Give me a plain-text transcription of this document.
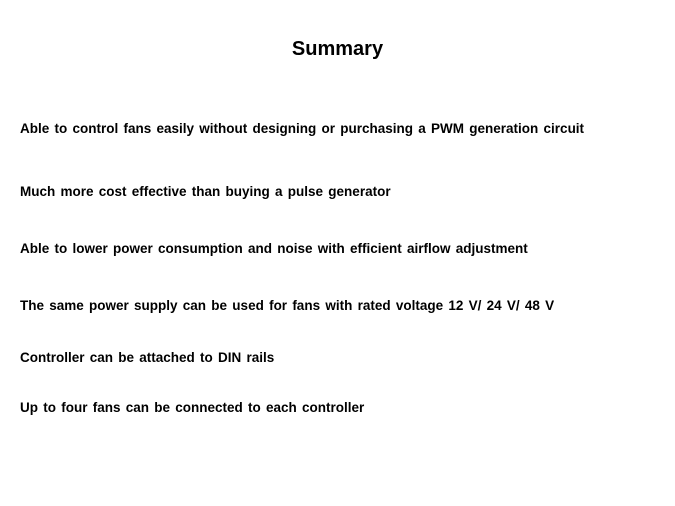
Summary
Able to control fans easily without designing or purchasing a PWM generation circuit
Much more cost effective than buying a pulse generator
Able to lower power consumption and noise with efficient airflow adjustment
The same power supply can be used for fans with rated voltage 12 V/ 24 V/ 48 V
Controller can be attached to DIN rails
Up to four fans can be connected to each controller
